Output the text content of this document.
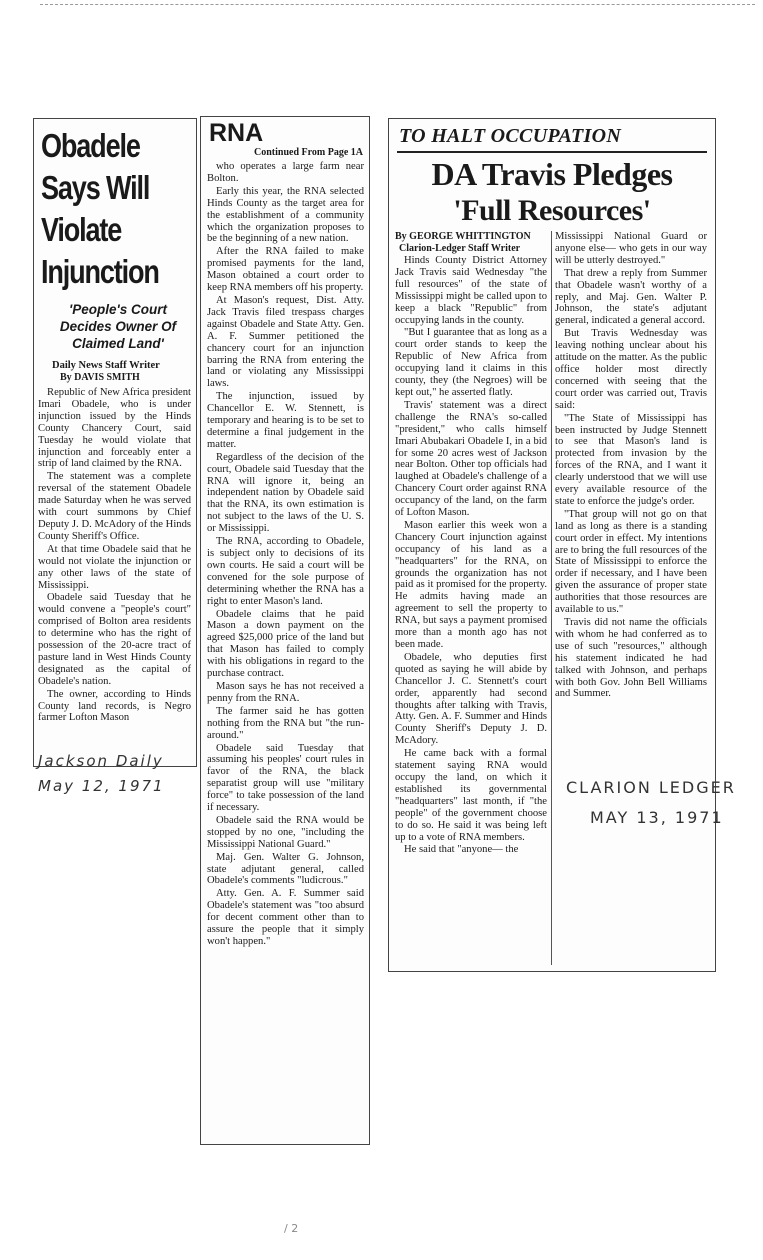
Obadele Says Will Violate Injunction
'People's Court Decides Owner Of Claimed Land'
Daily News Staff Writer
By DAVIS SMITH

Republic of New Africa president Imari Obadele, who is under injunction issued by the Hinds County Chancery Court, said Tuesday he would violate that injunction and forceably enter a strip of land claimed by the RNA.

The statement was a complete reversal of the statement Obadele made Saturday when he was served with court summons by Chief Deputy J. D. McAdory of the Hinds County Sheriff's Office.

At that time Obadele said that he would not violate the injunction or any other laws of the state of Mississippi.

Obadele said Tuesday that he would convene a "people's court" comprised of Bolton area residents to determine who has the right of possession of the 20-acre tract of pasture land in West Hinds County designated as the capital of Obadele's nation.

The owner, according to Hinds County land records, is Negro farmer Lofton Mason

Jackson Daily
May 12, 1971
RNA
Continued From Page 1A

who operates a large farm near Bolton.

Early this year, the RNA selected Hinds County as the target area for the establishment of a community which the organization proposes to be the beginning of a new nation.

After the RNA failed to make promised payments for the land, Mason obtained a court order to keep RNA members off his property.

At Mason's request, Dist. Atty. Jack Travis filed trespass charges against Obadele and State Atty. Gen. A. F. Summer petitioned the chancery court for an injunction barring the RNA from entering the land or violating any Mississippi laws.

The injunction, issued by Chancellor E. W. Stennett, is temporary and hearing is to be set to determine a final judgement in the matter.

Regardless of the decision of the court, Obadele said Tuesday that the RNA will ignore it, being an independent nation by Obadele said that the RNA, its own estimation is not subject to the laws of the U. S. or Mississippi.

The RNA, according to Obadele, is subject only to decisions of its own courts. He said a court will be convened for the sole purpose of determining whether the RNA has a right to enter Mason's land.

Obadele claims that he paid Mason a down payment on the agreed $25,000 price of the land but that Mason has failed to comply with his obligations in regard to the purchase contract.

Mason says he has not received a penny from the RNA.

The farmer said he has gotten nothing from the RNA but "the run-around."

Obadele said Tuesday that assuming his peoples' court rules in favor of the RNA, the black separatist group will use "military force" to take possession of the land if necessary.

Obadele said the RNA would be stopped by no one, "including the Mississippi National Guard."

Maj. Gen. Walter G. Johnson, state adjutant general, called Obadele's comments "ludicrous."

Atty. Gen. A. F. Summer said Obadele's statement was "too absurd for decent comment other than to assure the people that it simply won't happen."

TO HALT OCCUPATION
DA Travis Pledges
'Full Resources'
By GEORGE WHITTINGTON
Clarion-Ledger Staff Writer

Hinds County District Attorney Jack Travis said Wednesday "the full resources" of the state of Mississippi might be called upon to keep a black "Republic" from occupying lands in the county.

"But I guarantee that as long as a court order stands to keep the Republic of New Africa from occupying land it claims in this county, they (the Negroes) will be kept out," he asserted flatly.

Travis' statement was a direct challenge the RNA's so-called "president," who calls himself Imari Abubakari Obadele I, in a bid for some 20 acres west of Jackson near Bolton. Other top officials had laughed at Obadele's challenge of a Chancery Court order against RNA occupancy of the land, on the farm of Lofton Mason.

Mason earlier this week won a Chancery Court injunction against occupancy of his land as a "headquarters" for the RNA, on grounds the organization has not paid as it promised for the property. He admits having made an agreement to sell the property to RNA, but says a payment promised more than a month ago has not been made.

Obadele, who deputies first quoted as saying he will abide by Chancellor J. C. Stennett's court order, apparently had second thoughts after talking with Travis, Atty. Gen. A. F. Summer and Hinds County Sheriff's Deputy J. D. McAdory.

He came back with a formal statement saying RNA would occupy the land, on which it established its governmental "headquarters" last month, if "the people" of the government choose to do so. He said it was being left up to a vote of RNA members.

He said that "anyone— the

Mississippi National Guard or anyone else— who gets in our way will be utterly destroyed."

That drew a reply from Summer that Obadele wasn't worthy of a reply, and Maj. Gen. Walter P. Johnson, the state's adjutant general, indicated a general accord.

But Travis Wednesday was leaving nothing unclear about his attitude on the matter. As the public office holder most directly concerned with seeing that the court order was carried out, Travis said:

"The State of Mississippi has been instructed by Judge Stennett to see that Mason's land is protected from invasion by the forces of the RNA, and I want it clearly understood that we will use every available resource of the state to enforce the judge's order.

"That group will not go on that land as long as there is a standing court order in effect. My intentions are to bring the full resources of the State of Mississippi to enforce the order if necessary, and I have been given the assurance of proper state authorities that those resources are available to us."

Travis did not name the officials with whom he had conferred as to use of such "resources," although his statement indicated he had talked with Johnson, and perhaps with both Gov. John Bell Williams and Summer.

CLARION LEDGER
MAY 13, 1971
/ 2
